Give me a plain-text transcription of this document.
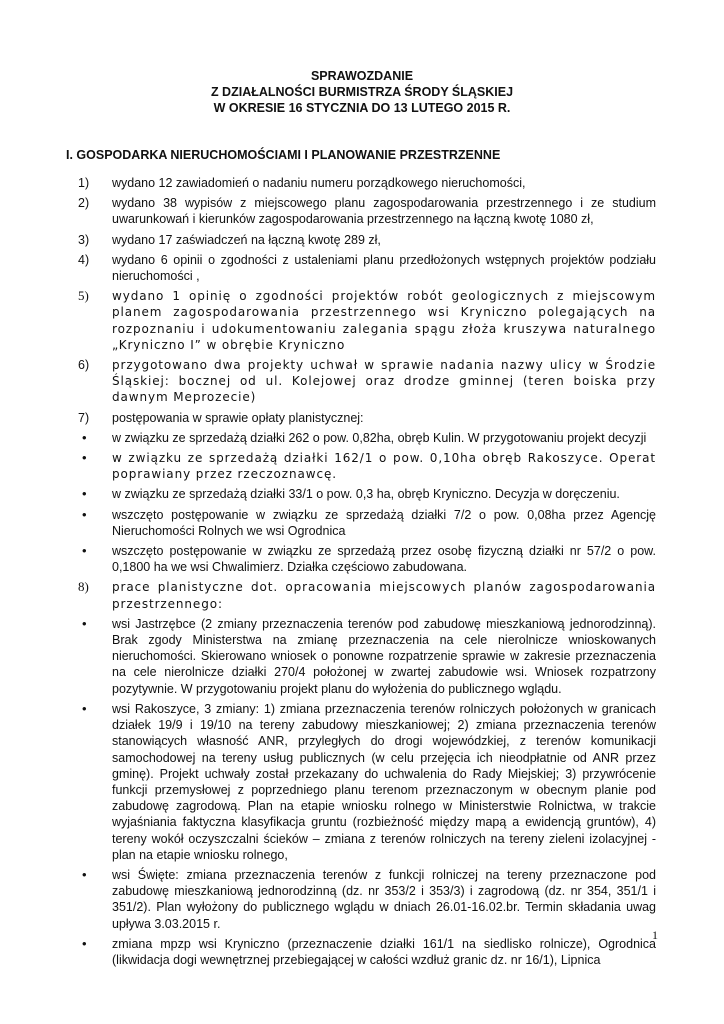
SPRAWOZDANIE
Z DZIAŁALNOŚCI BURMISTRZA ŚRODY ŚLĄSKIEJ
W OKRESIE 16 STYCZNIA DO 13 LUTEGO 2015 R.
I. GOSPODARKA NIERUCHOMOŚCIAMI I PLANOWANIE PRZESTRZENNE
1)	wydano 12 zawiadomień o nadaniu numeru porządkowego nieruchomości,
2)	wydano 38 wypisów z miejscowego planu zagospodarowania przestrzennego i ze studium uwarunkowań i kierunków zagospodarowania przestrzennego na łączną kwotę 1080 zł,
3)	wydano 17 zaświadczeń na łączną kwotę 289 zł,
4)	wydano 6 opinii o zgodności z ustaleniami planu przedłożonych wstępnych projektów podziału nieruchomości ,
5)	wydano 1 opinię o zgodności projektów robót geologicznych z miejscowym planem zagospodarowania przestrzennego wsi Kryniczno polegających na rozpoznaniu i udokumentowaniu zalegania spągu złoża kruszywa naturalnego „Kryniczno I” w obrębie Kryniczno
6)	przygotowano dwa projekty uchwał w sprawie nadania nazwy ulicy w Środzie Śląskiej: bocznej od ul. Kolejowej oraz drodze gminnej (teren boiska przy dawnym Meprozecie)
7)	postępowania w sprawie opłaty planistycznej:
•	w związku ze sprzedażą działki 262 o pow. 0,82ha, obręb Kulin. W przygotowaniu projekt decyzji
•	w związku ze sprzedażą działki 162/1 o pow. 0,10ha obręb Rakoszyce. Operat poprawiany przez rzeczoznawcę.
•	w związku ze sprzedażą działki 33/1 o pow. 0,3 ha, obręb Kryniczno. Decyzja w doręczeniu.
•	wszczęto postępowanie w związku ze sprzedażą działki 7/2 o pow. 0,08ha przez Agencję Nieruchomości Rolnych we wsi Ogrodnica
•	wszczęto postępowanie w związku ze sprzedażą przez osobę fizyczną działki nr 57/2 o pow. 0,1800 ha we wsi Chwalimierz. Działka częściowo zabudowana.
8)	prace planistyczne dot. opracowania miejscowych planów zagospodarowania przestrzennego:
•	wsi Jastrzębce (2 zmiany przeznaczenia terenów pod zabudowę mieszkaniową jednorodzinną). Brak zgody Ministerstwa na zmianę przeznaczenia na cele nierolnicze wnioskowanych nieruchomości. Skierowano wniosek o ponowne rozpatrzenie sprawie w zakresie przeznaczenia na cele nierolnicze działki 270/4 położonej w zwartej zabudowie wsi. Wniosek rozpatrzony pozytywnie. W przygotowaniu projekt planu do wyłożenia do publicznego wglądu.
•	wsi Rakoszyce, 3 zmiany: 1) zmiana przeznaczenia terenów rolniczych położonych w granicach działek 19/9 i 19/10 na tereny zabudowy mieszkaniowej; 2) zmiana przeznaczenia terenów stanowiących własność ANR, przyległych do drogi wojewódzkiej, z terenów komunikacji samochodowej na tereny usług publicznych (w celu przejęcia ich nieodpłatnie od ANR przez gminę). Projekt uchwały został przekazany do uchwalenia do Rady Miejskiej; 3) przywrócenie funkcji przemysłowej z poprzedniego planu terenom przeznaczonym w obecnym planie pod zabudowę zagrodową. Plan na etapie wniosku rolnego w Ministerstwie Rolnictwa, w trakcie wyjaśniania faktyczna klasyfikacja gruntu (rozbieżność między mapą a ewidencją gruntów), 4) tereny wokół oczyszczalni ścieków – zmiana z terenów rolniczych na tereny zieleni izolacyjnej - plan na etapie wniosku rolnego,
•	wsi Święte: zmiana przeznaczenia terenów z funkcji rolniczej na tereny przeznaczone pod zabudowę mieszkaniową jednorodzinną (dz. nr 353/2 i 353/3) i zagrodową (dz. nr 354, 351/1 i 351/2). Plan wyłożony do publicznego wglądu w dniach 26.01-16.02.br. Termin składania uwag upływa 3.03.2015 r.
•	zmiana mpzp wsi Kryniczno (przeznaczenie działki 161/1 na siedlisko rolnicze), Ogrodnica (likwidacja dogi wewnętrznej przebiegającej w całości wzdłuż granic dz. nr 16/1), Lipnica
1
